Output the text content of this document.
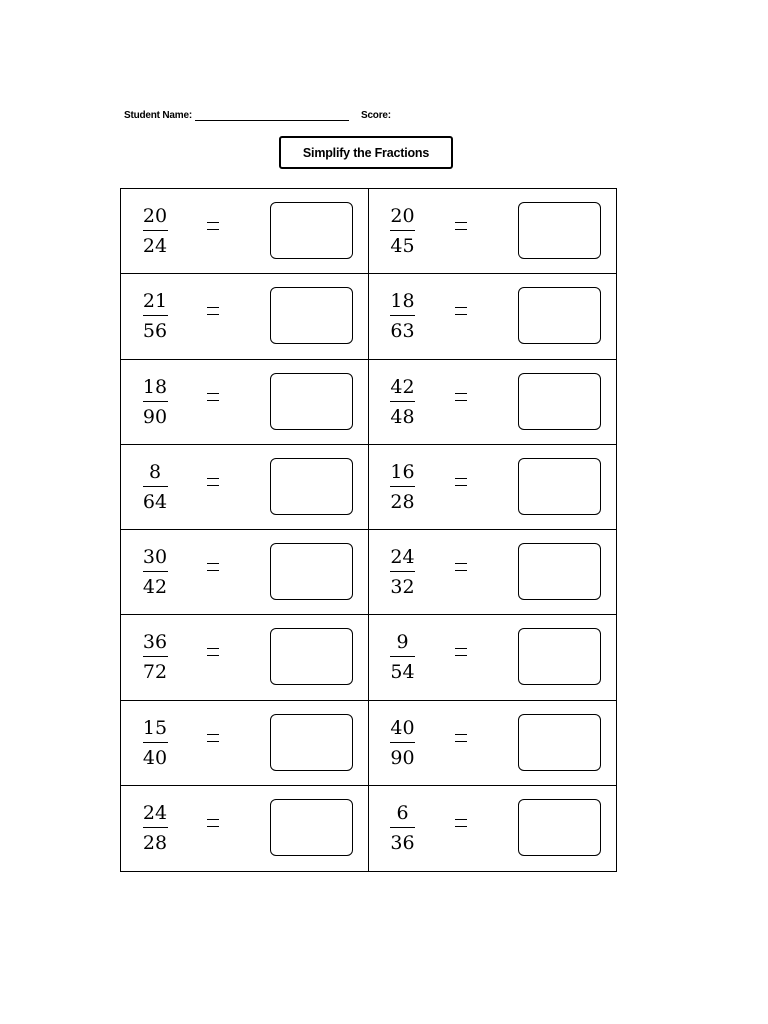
Student Name:	Score:
Simplify the Fractions
20
24
20
45
21
56
18
63
18
90
42
48
8
64
16
28
30
42
24
32
36
72
9
54
15
40
40
90
24
28
6
36
